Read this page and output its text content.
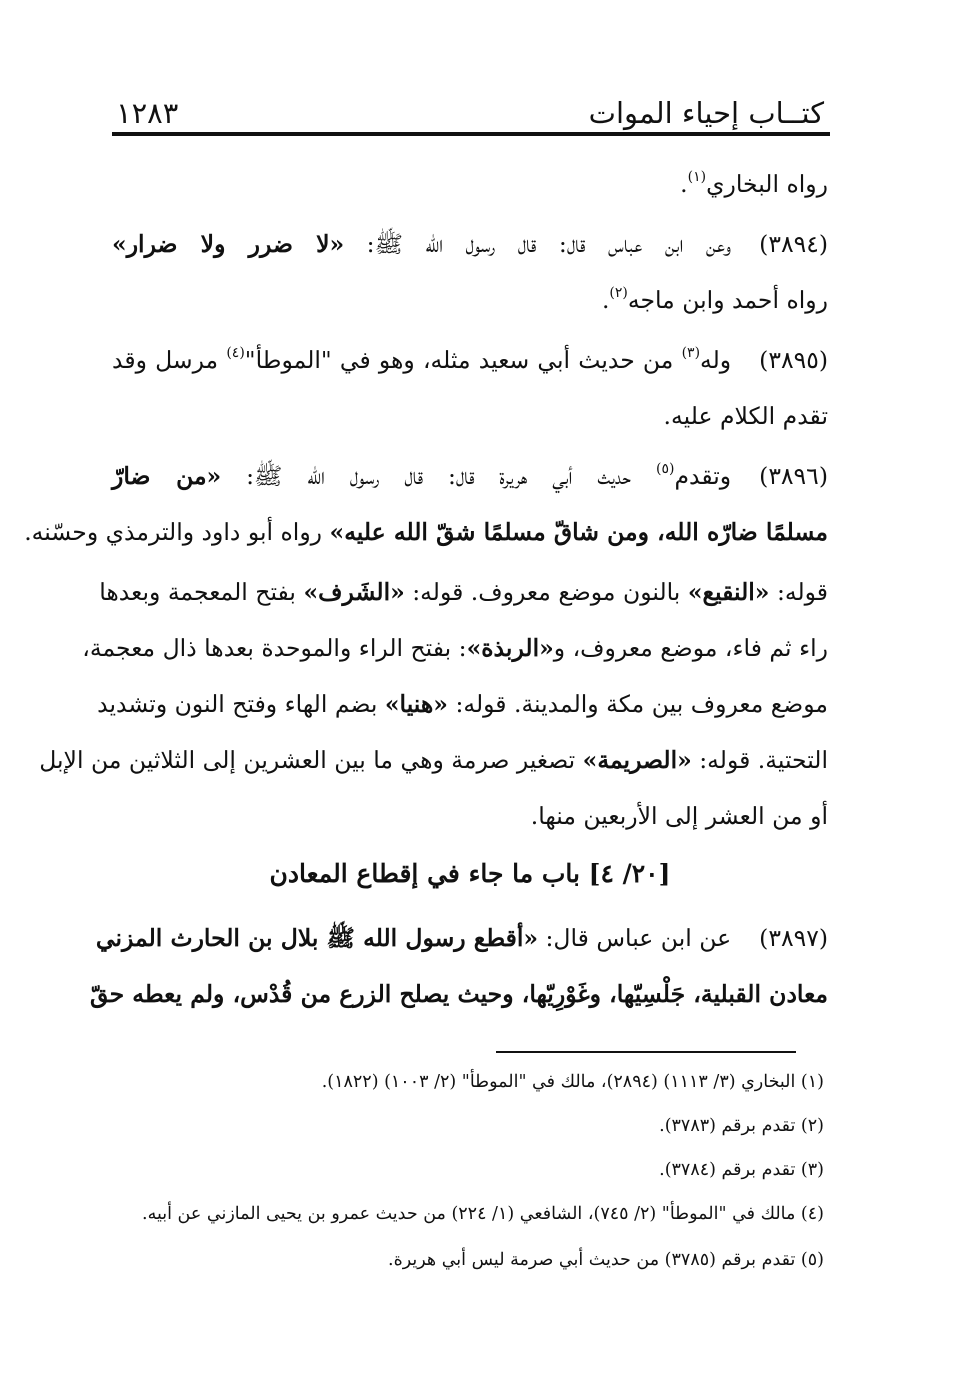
كتــاب إحياء الموات
١٢٨٣
رواه البخاري$^{(١)}$.
(٣٨٩٤)وعن ابن عباس قال: قال رسول الله ﷺ: «لا ضرر ولا ضرار»
رواه أحمد وابن ماجه$^{(٢)}$.
(٣٨٩٥)وله$^{(٣)}$ من حديث أبي سعيد مثله، وهو في "الموطأ"$^{(٤)}$ مرسل وقد
تقدم الكلام عليه.
(٣٨٩٦)وتقدم$^{(٥)}$ حديث أبي هريرة قال: قال رسول الله ﷺ: «من ضارّ
مسلمًا ضارّه الله، ومن شاقّ مسلمًا شقّ الله عليه» رواه أبو داود والترمذي وحسّنه.
قوله: «النقيع» بالنون موضع معروف. قوله: «الشَرف» بفتح المعجمة وبعدها
راء ثم فاء، موضع معروف، و«الربذة»: بفتح الراء والموحدة بعدها ذال معجمة،
موضع معروف بين مكة والمدينة. قوله: «هنيا» بضم الهاء وفتح النون وتشديد
التحتية. قوله: «الصريمة» تصغير صرمة وهي ما بين العشرين إلى الثلاثين من الإبل
أو من العشر إلى الأربعين منها.
[٢٠/ ٤] باب ما جاء في إقطاع المعادن
(٣٨٩٧)عن ابن عباس قال: «أقطع رسول الله ﷺ بلال بن الحارث المزني
معادن القبلية، جَلْسِيّها، وغَوْرِيّها، وحيث يصلح الزرع من قُدْس، ولم يعطه حقّ
(١) البخاري (٣/ ١١١٣) (٢٨٩٤)، مالك في "الموطأ" (٢/ ١٠٠٣) (١٨٢٢).
(٢) تقدم برقم (٣٧٨٣).
(٣) تقدم برقم (٣٧٨٤).
(٤) مالك في "الموطأ" (٢/ ٧٤٥)، الشافعي (١/ ٢٢٤) من حديث عمرو بن يحيى المازني عن أبيه.
(٥) تقدم برقم (٣٧٨٥) من حديث أبي صرمة ليس أبي هريرة.
